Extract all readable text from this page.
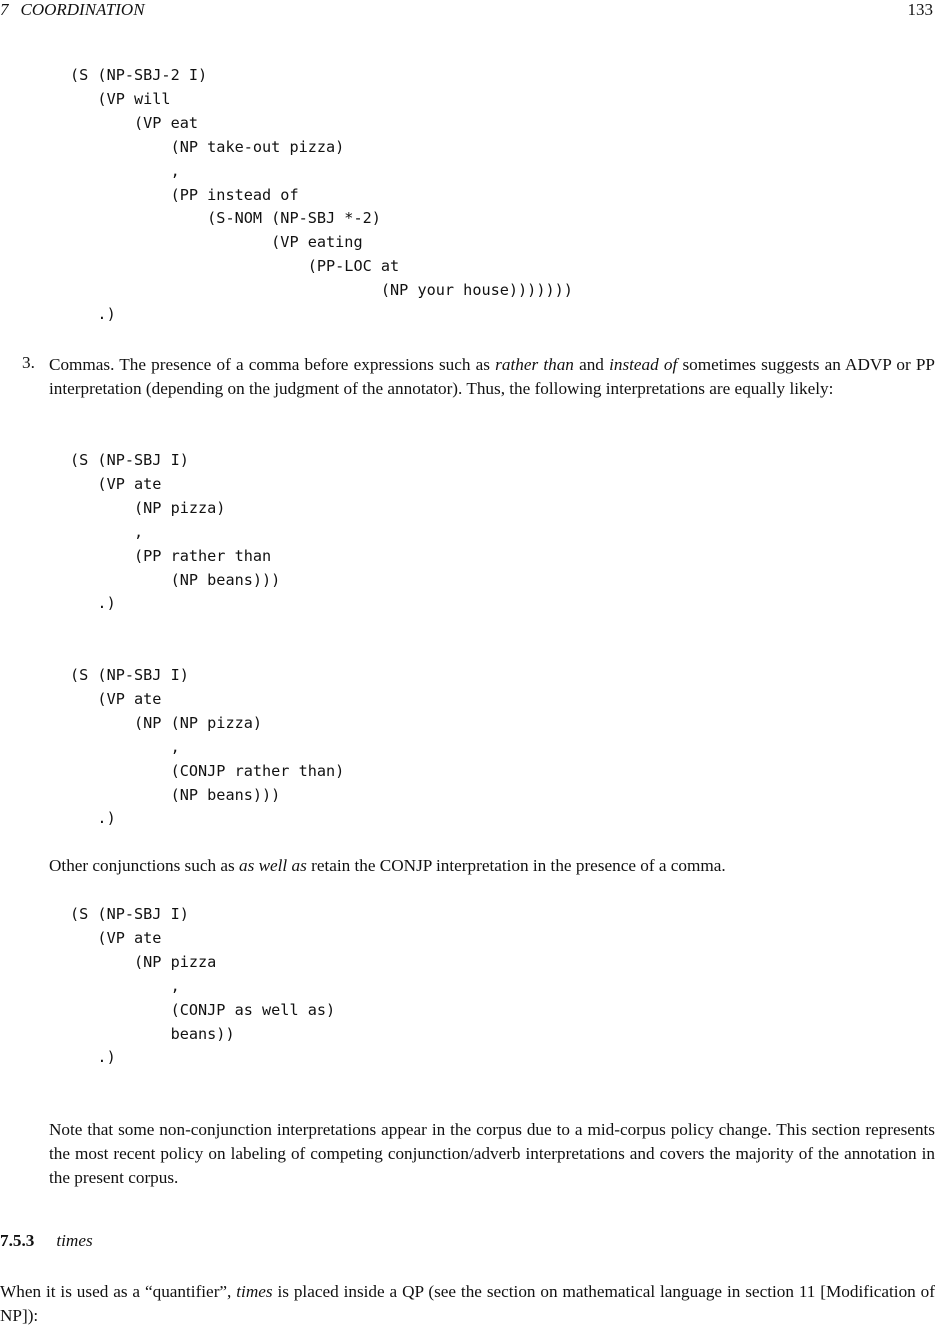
7 COORDINATION	133
(S (NP-SBJ-2 I)
(VP will
(VP eat
(NP take-out pizza)
,
(PP instead of
(S-NOM (NP-SBJ *-2)
(VP eating
(PP-LOC at
(NP your house)))))))
.)
3. Commas. The presence of a comma before expressions such as rather than and instead of sometimes suggests an ADVP or PP interpretation (depending on the judgment of the annotator). Thus, the following interpretations are equally likely:

(S (NP-SBJ I)
(VP ate
(NP pizza)
,
(PP rather than
(NP beans)))
.)
(S (NP-SBJ I)
(VP ate
(NP (NP pizza)
,
(CONJP rather than)
(NP beans)))
.)

Other conjunctions such as as well as retain the CONJP interpretation in the presence of a comma.

(S (NP-SBJ I)
(VP ate
(NP pizza
,
(CONJP as well as)
beans))
.)

Note that some non-conjunction interpretations appear in the corpus due to a mid-corpus policy change. This section represents the most recent policy on labeling of competing conjunction/adverb interpretations and covers the majority of the annotation in the present corpus.

7.5.3 times

When it is used as a “quantifier”, times is placed inside a QP (see the section on mathematical language in section 11 [Modification of NP]):
